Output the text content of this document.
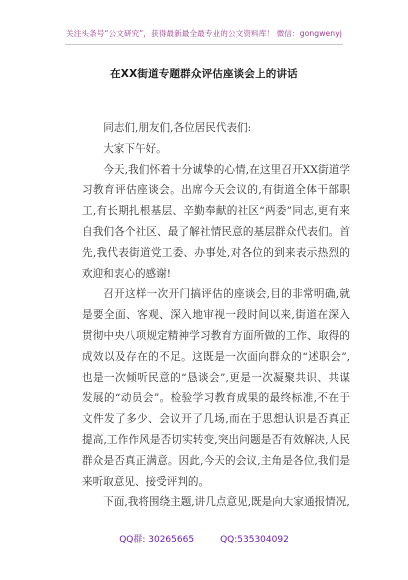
关注头条号“公文研究”，获得最新最全最专业的公文资料库！ 微信：gongwenyj
在XX街道专题群众评估座谈会上的讲话

同志们,朋友们,各位居民代表们:

大家下午好。

今天,我们怀着十分诚挚的心情,在这里召开XX街道学习教育评估座谈会。出席今天会议的,有街道全体干部职工,有长期扎根基层、辛勤奉献的社区“两委”同志,更有来自我们各个社区、最了解社情民意的基层群众代表们。首先,我代表街道党工委、办事处,对各位的到来表示热烈的欢迎和衷心的感谢!

召开这样一次开门搞评估的座谈会,目的非常明确,就是要全面、客观、深入地审视一段时间以来,街道在深入贯彻中央八项规定精神学习教育方面所做的工作、取得的成效以及存在的不足。这既是一次面向群众的“述职会”,也是一次倾听民意的“恳谈会”,更是一次凝聚共识、共谋发展的“动员会”。检验学习教育成果的最终标准,不在于文件发了多少、会议开了几场,而在于思想认识是否真正提高,工作作风是否切实转变,突出问题是否有效解决,人民群众是否真正满意。因此,今天的会议,主角是各位,我们是来听取意见、接受评判的。

下面,我将围绕主题,讲几点意见,既是向大家通报情况,

QQ群: 30265665	QQ:535304092
